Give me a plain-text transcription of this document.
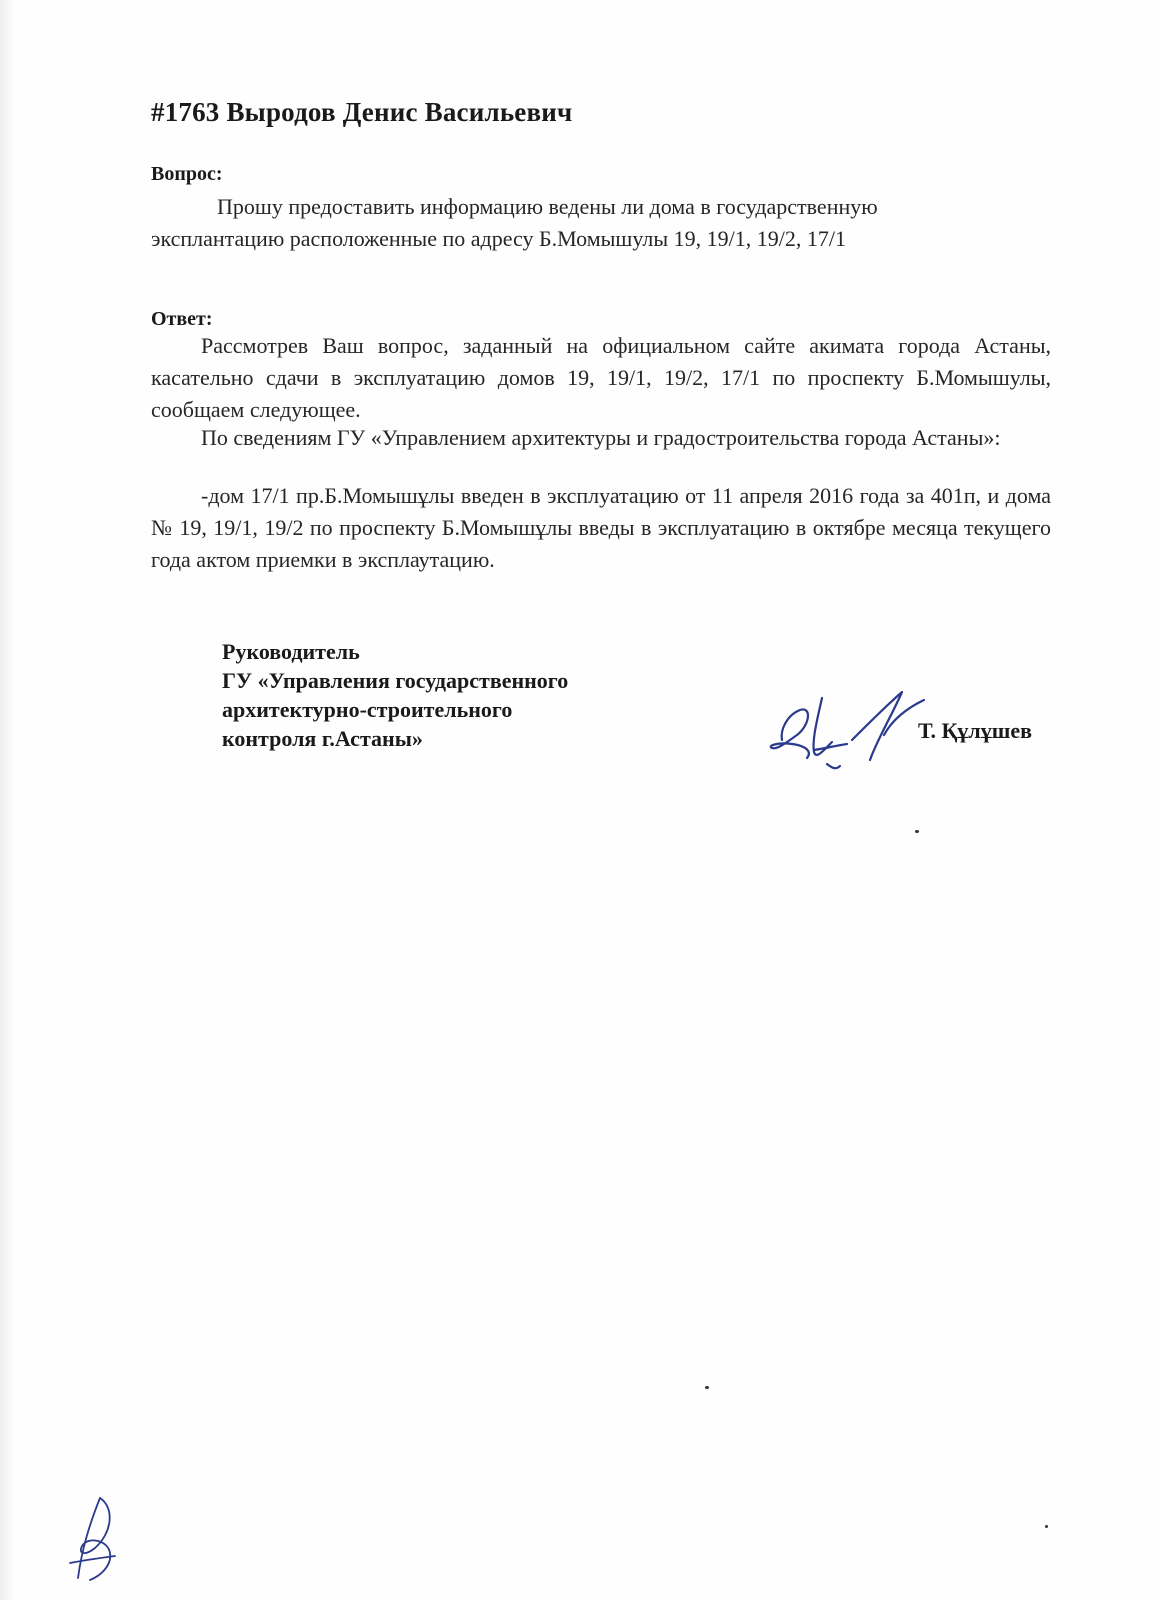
#1763 Выродов Денис Васильевич
Вопрос:
Прошу предоставить информацию ведены ли дома в государственную эксплантацию расположенные по адресу Б.Момышулы 19, 19/1, 19/2, 17/1
Ответ:
Рассмотрев Ваш вопрос, заданный на официальном сайте акимата города Астаны, касательно сдачи в эксплуатацию домов 19, 19/1, 19/2, 17/1 по проспекту Б.Момышулы, сообщаем следующее.
По сведениям ГУ «Управлением архитектуры и градостроительства города Астаны»:
-дом 17/1 пр.Б.Момышұлы введен в эксплуатацию от 11 апреля 2016 года за 401п, и дома № 19, 19/1, 19/2 по проспекту Б.Момышұлы введы в эксплуатацию в октябре месяца текущего года актом приемки в эксплаутацию.
Руководитель
ГУ «Управления государственного
архитектурно-строительного
контроля г.Астаны»	Т. Құлұшев
